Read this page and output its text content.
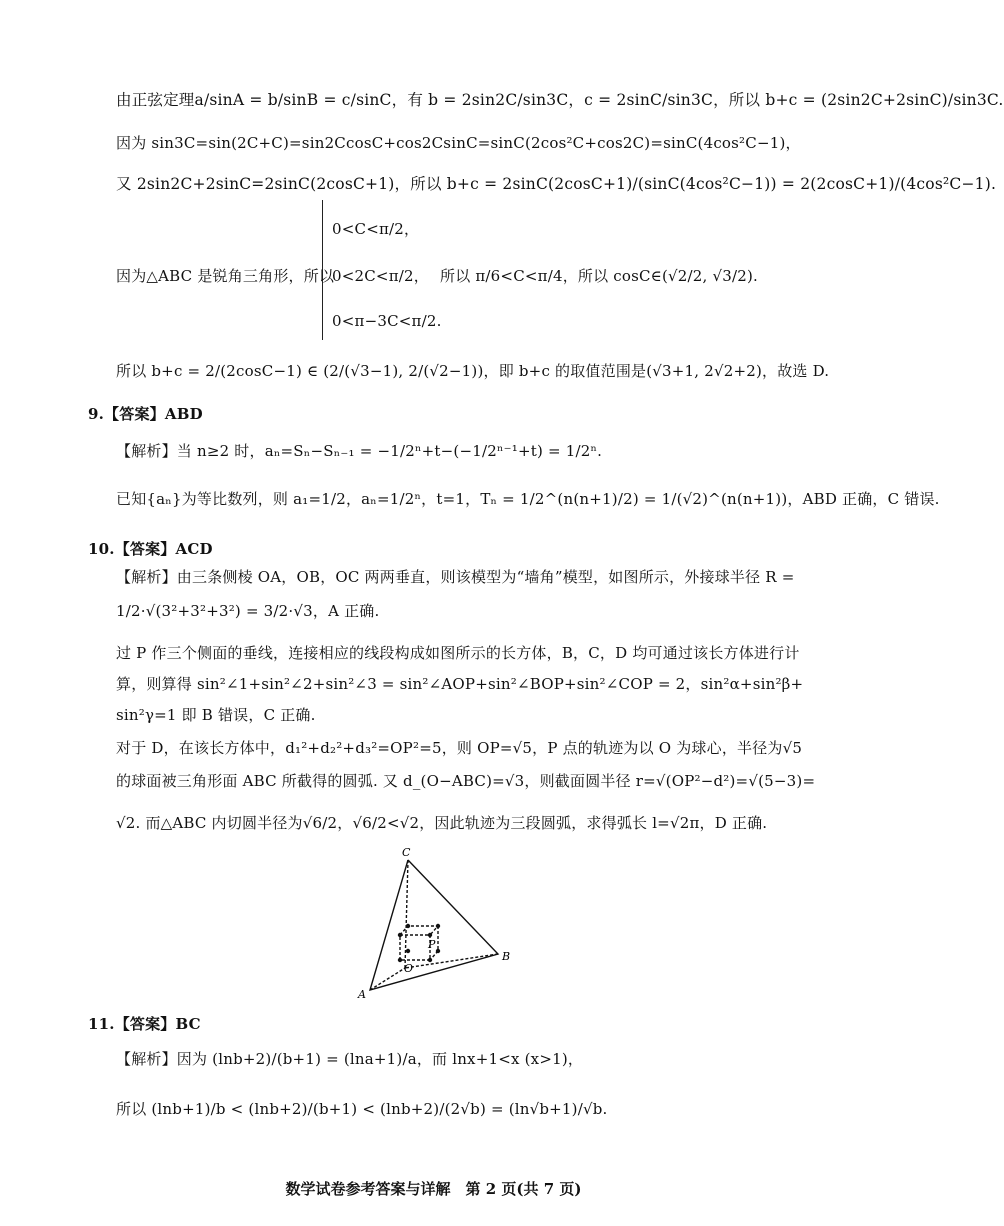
由正弦定理a/sinA = b/sinB = c/sinC，有 b = 2sin2C/sin3C，c = 2sinC/sin3C，所以 b+c = (2sin2C+2sinC)/sin3C.
因为 sin3C=sin(2C+C)=sin2CcosC+cos2CsinC=sinC(2cos²C+cos2C)=sinC(4cos²C−1)，
又 2sin2C+2sinC=2sinC(2cosC+1)，所以 b+c = 2sinC(2cosC+1)/(sinC(4cos²C−1)) = 2(2cosC+1)/(4cos²C−1).
0<C<π/2，
因为△ABC 是锐角三角形，所以
0<2C<π/2， 所以 π/6<C<π/4，所以 cosC∈(√2/2, √3/2).
0<π−3C<π/2.
所以 b+c = 2/(2cosC−1) ∈ (2/(√3−1), 2/(√2−1))，即 b+c 的取值范围是(√3+1, 2√2+2)，故选 D.
9.【答案】ABD
【解析】当 n≥2 时，aₙ=Sₙ−Sₙ₋₁ = −1/2ⁿ+t−(−1/2ⁿ⁻¹+t) = 1/2ⁿ.
已知{aₙ}为等比数列，则 a₁=1/2，aₙ=1/2ⁿ，t=1，Tₙ = 1/2^(n(n+1)/2) = 1/(√2)^(n(n+1))，ABD 正确，C 错误.
10.【答案】ACD
【解析】由三条侧棱 OA，OB，OC 两两垂直，则该模型为“墙角”模型，如图所示，外接球半径 R =
1/2·√(3²+3²+3²) = 3/2·√3，A 正确.
过 P 作三个侧面的垂线，连接相应的线段构成如图所示的长方体，B，C，D 均可通过该长方体进行计
算，则算得 sin²∠1+sin²∠2+sin²∠3 = sin²∠AOP+sin²∠BOP+sin²∠COP = 2，sin²α+sin²β+
sin²γ=1 即 B 错误，C 正确.
对于 D，在该长方体中，d₁²+d₂²+d₃²=OP²=5，则 OP=√5，P 点的轨迹为以 O 为球心，半径为√5
的球面被三角形面 ABC 所截得的圆弧. 又 d_(O−ABC)=√3，则截面圆半径 r=√(OP²−d²)=√(5−3)=
√2. 而△ABC 内切圆半径为√6/2，√6/2<√2，因此轨迹为三段圆弧，求得弧长 l=√2π，D 正确.
C
A
B
O
P
11.【答案】BC
【解析】因为 (lnb+2)/(b+1) = (lna+1)/a，而 lnx+1<x (x>1)，
所以 (lnb+1)/b < (lnb+2)/(b+1) < (lnb+2)/(2√b) = (ln√b+1)/√b.
数学试卷参考答案与详解　第 2 页(共 7 页)
